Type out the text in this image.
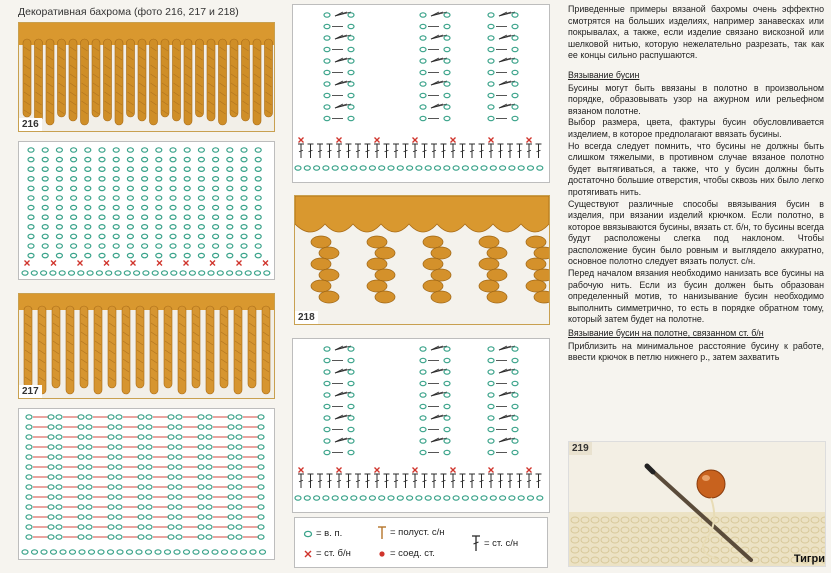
Декоративная бахрома (фото 216, 217 и 218)
216
217
218
= в. п.	= полуст. с/н
= ст. с/н
= ст. б/н	= соед. ст.

Приведенные примеры вязаной бахромы очень эффектно смотрятся на больших изделиях, например занавесках или покрывалах, а также, если изделие связано вискозной или шелковой нитью, которую нежелательно разрезать, так как ее концы сильно распушаются.

Вязывание бусин

Бусины могут быть ввязаны в полотно в произвольном порядке, образовывать узор на ажурном или рельефном вязаном полотне.

Выбор размера, цвета, фактуры бусин обусловливается изделием, в которое предполагают ввязать бусины.

Но всегда следует помнить, что бусины не должны быть слишком тяжелыми, в противном случае вязаное полотно будет вытягиваться, а также, что у бусин должны быть достаточно большие отверстия, чтобы сквозь них было легко протягивать нить.

Существуют различные способы ввязывания бусин в изделия, при вязании изделий крючком. Если полотно, в которое ввязываются бусины, вязать ст. б/н, то бусины всегда будут расположены слегка под наклоном. Чтобы расположение бусин было ровным и выглядело аккуратно, основное полотно следует вязать полуст. с/н.

Перед началом вязания необходимо нанизать все бусины на рабочую нить. Если из бусин должен быть образован определенный мотив, то нанизывание бусин необходимо выполнить симметрично, то есть в порядке обратном тому, который затем будет на полотне.

Вязывание бусин на полотне, связанном ст. б/н

Приблизить на минимальное расстояние бусину к работе, ввести крючок в петлю нижнего р., затем захватить

219
Тигри
